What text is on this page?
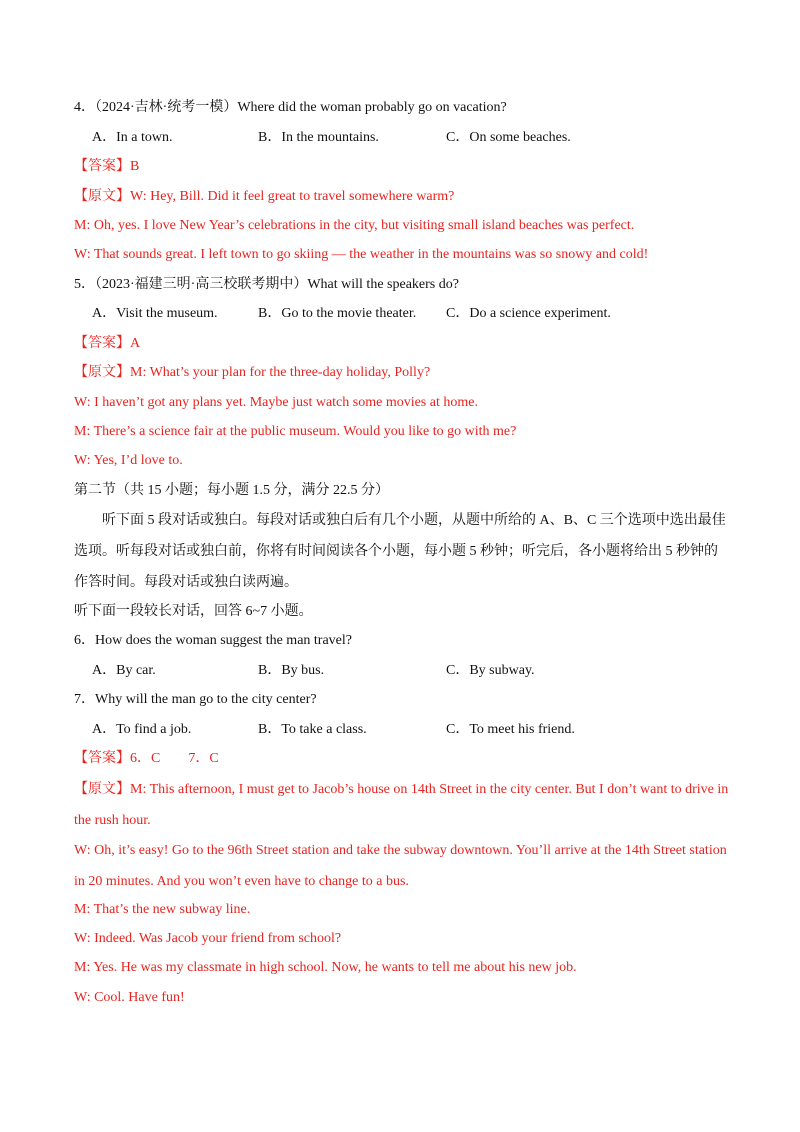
4．（2024·吉林·统考一模）Where did the woman probably go on vacation?
A．In a town.	B．In the mountains.	C．On some beaches.
【答案】B
【原文】W: Hey, Bill. Did it feel great to travel somewhere warm?
M: Oh, yes. I love New Year’s celebrations in the city, but visiting small island beaches was perfect.
W: That sounds great. I left town to go skiing — the weather in the mountains was so snowy and cold!
5．（2023·福建三明·高三校联考期中）What will the speakers do?
A．Visit the museum.	B．Go to the movie theater. C．Do a science experiment.
【答案】A
【原文】M: What’s your plan for the three-day holiday, Polly?
W: I haven’t got any plans yet. Maybe just watch some movies at home.
M: There’s a science fair at the public museum. Would you like to go with me?
W: Yes, I’d love to.
第二节（共 15 小题；每小题 1.5 分，满分 22.5 分）
听下面 5 段对话或独白。每段对话或独白后有几个小题，从题中所给的 A、B、C 三个选项中选出最佳选项。听每段对话或独白前，你将有时间阅读各个小题，每小题 5 秒钟；听完后，各小题将给出 5 秒钟的作答时间。每段对话或独白读两遍。
听下面一段较长对话，回答 6~7 小题。
6．How does the woman suggest the man travel?
A．By car.	B．By bus.	C．By subway.
7．Why will the man go to the city center?
A．To find a job.	B．To take a class.	C．To meet his friend.
【答案】6．C　　7．C
【原文】M: This afternoon, I must get to Jacob’s house on 14th Street in the city center. But I don’t want to drive in the rush hour.
W: Oh, it’s easy! Go to the 96th Street station and take the subway downtown. You’ll arrive at the 14th Street station in 20 minutes. And you won’t even have to change to a bus.
M: That’s the new subway line.
W: Indeed. Was Jacob your friend from school?
M: Yes. He was my classmate in high school. Now, he wants to tell me about his new job.
W: Cool. Have fun!
